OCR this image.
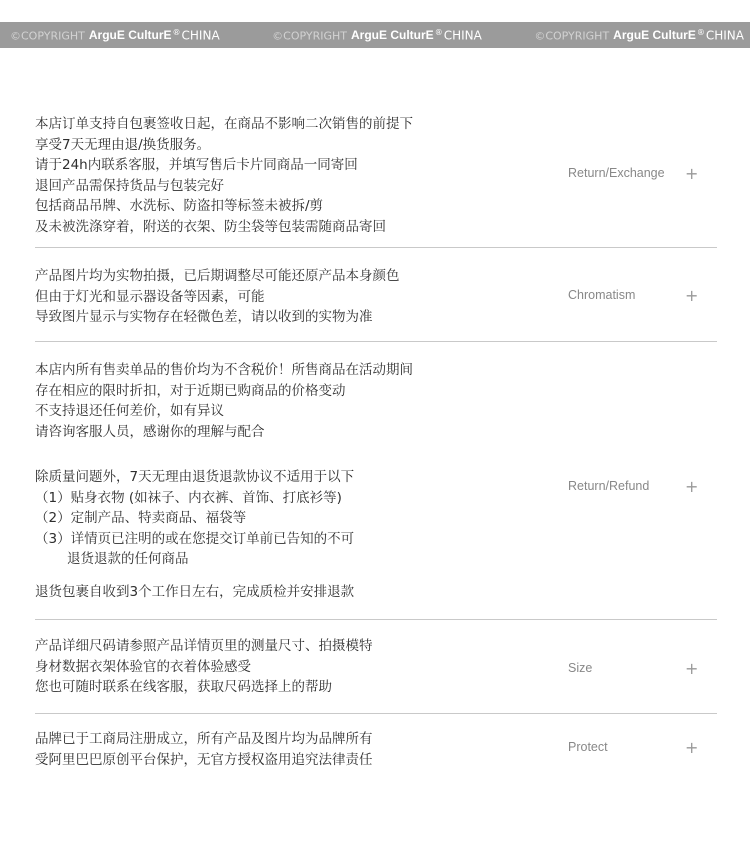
©COPYRIGHT ArguE CulturE®CHINA	©COPYRIGHT ArguE CulturE®CHINA	©COPYRIGHT ArguE CulturE®CHINA
本店订单支持自包裹签收日起，在商品不影响二次销售的前提下
享受7天无理由退/换货服务。
请于24h内联系客服，并填写售后卡片同商品一同寄回
退回产品需保持货品与包装完好
包括商品吊牌、水洗标、防盗扣等标签未被拆/剪
及未被洗涤穿着，附送的衣架、防尘袋等包装需随商品寄回
Return/Exchange +
产品图片均为实物拍摄，已后期调整尽可能还原产品本身颜色
但由于灯光和显示器设备等因素，可能
导致图片显示与实物存在轻微色差，请以收到的实物为准
Chromatism	+
本店内所有售卖单品的售价均为不含税价！所售商品在活动期间
存在相应的限时折扣，对于近期已购商品的价格变动
不支持退还任何差价，如有异议
请咨询客服人员，感谢你的理解与配合
除质量问题外，7天无理由退货退款协议不适用于以下
（1）贴身衣物 (如袜子、内衣裤、首饰、打底衫等)
（2）定制产品、特卖商品、福袋等
（3）详情页已注明的或在您提交订单前已告知的不可
退货退款的任何商品
退货包裹自收到3个工作日左右，完成质检并安排退款
Return/Refund +
产品详细尺码请参照产品详情页里的测量尺寸、拍摄模特
身材数据衣架体验官的衣着体验感受
您也可随时联系在线客服，获取尺码选择上的帮助
Size	+
品牌已于工商局注册成立，所有产品及图片均为品牌所有
受阿里巴巴原创平台保护，无官方授权盗用追究法律责任
Protect	+
